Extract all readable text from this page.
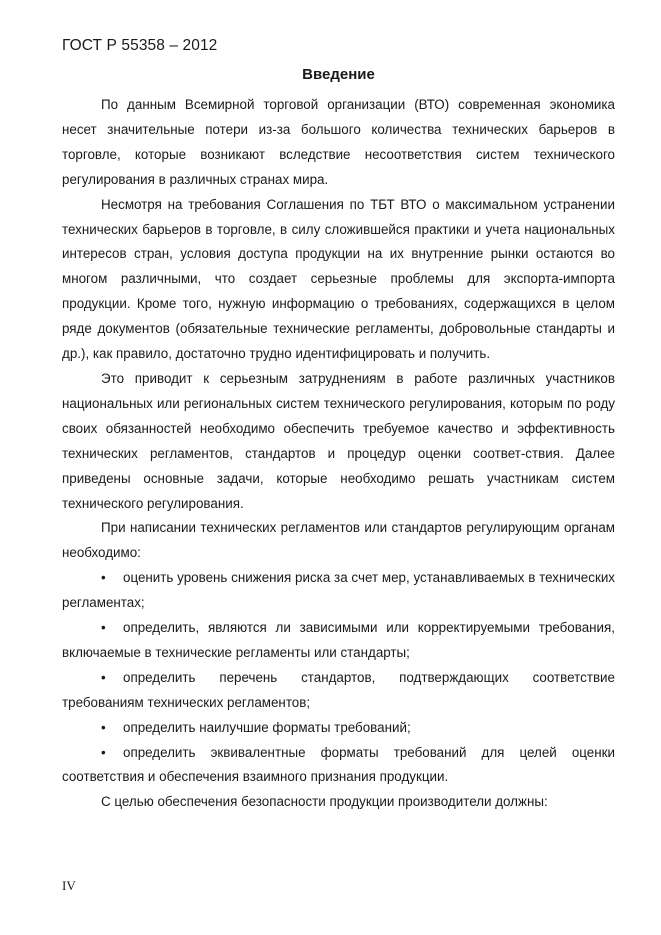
ГОСТ Р 55358 – 2012
Введение

По данным Всемирной торговой организации (ВТО) современная экономика несет значительные потери из-за большого количества технических барьеров в торговле, которые возникают вследствие несоответствия систем технического регулирования в различных странах мира.

Несмотря на требования Соглашения по ТБТ ВТО о максимальном устранении технических барьеров в торговле, в силу сложившейся практики и учета национальных интересов стран, условия доступа продукции на их внутренние рынки остаются во многом различными, что создает серьезные проблемы для экспорта-импорта продукции. Кроме того, нужную информацию о требованиях, содержащихся в целом ряде документов (обязательные технические регламенты, добровольные стандарты и др.), как правило, достаточно трудно идентифицировать и получить.

Это приводит к серьезным затруднениям в работе различных участников национальных или региональных систем технического регулирования, которым по роду своих обязанностей необходимо обеспечить требуемое качество и эффективность технических регламентов, стандартов и процедур оценки соответ-ствия. Далее приведены основные задачи, которые необходимо решать участникам систем технического регулирования.

При написании технических регламентов или стандартов регулирующим органам необходимо:

• оценить уровень снижения риска за счет мер, устанавливаемых в технических регламентах;
• определить, являются ли зависимыми или корректируемыми требования, включаемые в технические регламенты или стандарты;
• определить перечень стандартов, подтверждающих соответствие требованиям технических регламентов;
• определить наилучшие форматы требований;
• определить эквивалентные форматы требований для целей оценки соответствия и обеспечения взаимного признания продукции.

С целью обеспечения безопасности продукции производители должны:

IV
